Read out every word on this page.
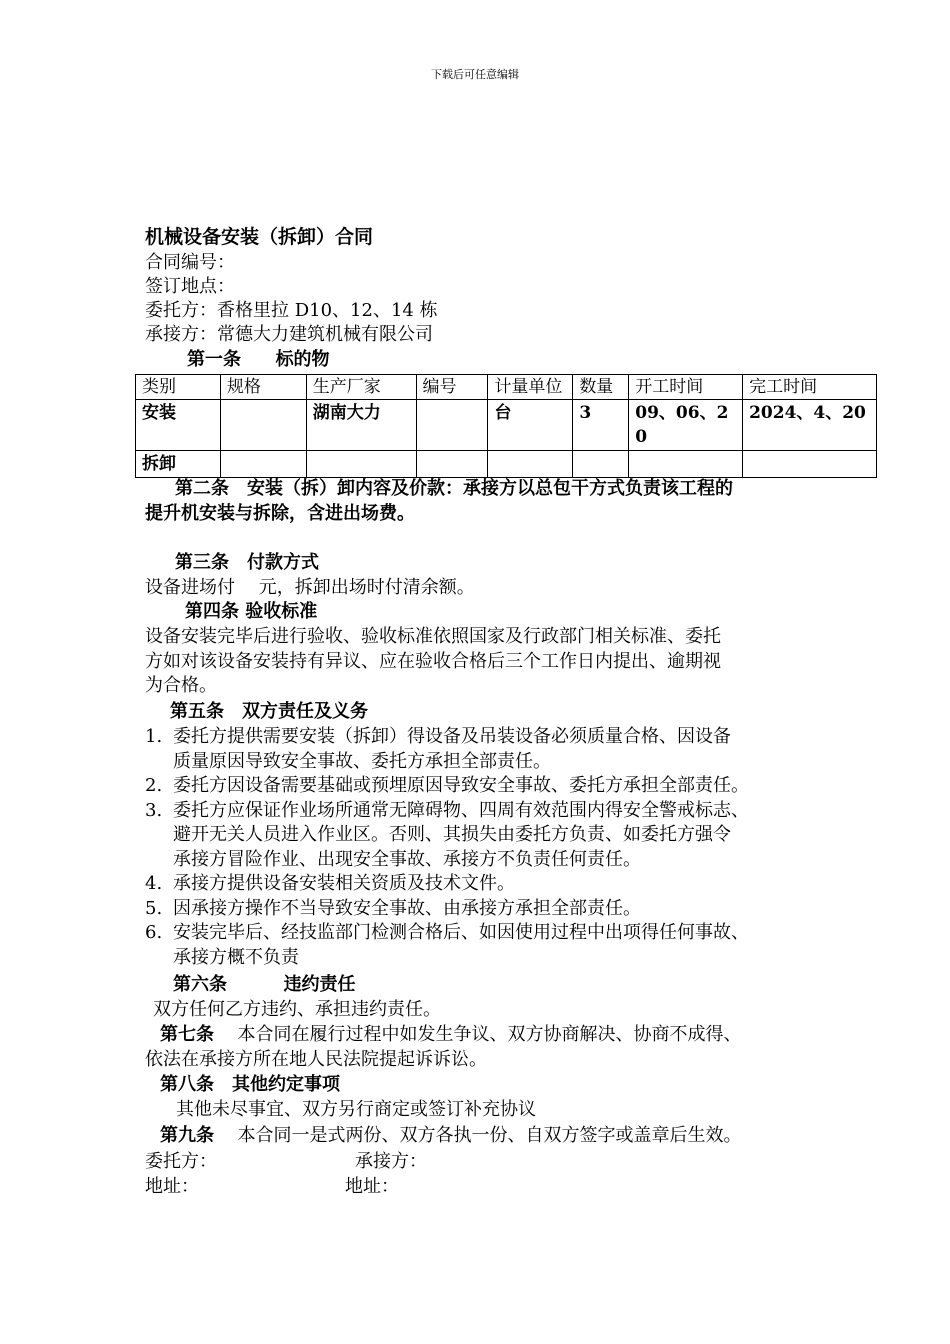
下载后可任意编辑
机械设备安装（拆卸）合同
合同编号：
签订地点：
委托方：香格里拉 D10、12、14 栋
承接方：常德大力建筑机械有限公司
第一条 标的物
类别	规格	生产厂家	编号	计量单位	数量	开工时间	完工时间
安装		湖南大力		台	3	09、06、20	2024、4、20
拆卸							
第二条　安装（拆）卸内容及价款：承接方以总包干方式负责该工程的
提升机安装与拆除，含进出场费。
第三条　付款方式
设备进场付　 元，拆卸出场时付清余额。
第四条 验收标准
设备安装完毕后进行验收、验收标准依照国家及行政部门相关标准、委托
方如对该设备安装持有异议、应在验收合格后三个工作日内提出、逾期视
为合格。
第五条　双方责任及义务
1. 委托方提供需要安装（拆卸）得设备及吊装设备必须质量合格、因设备
质量原因导致安全事故、委托方承担全部责任。
2. 委托方因设备需要基础或预埋原因导致安全事故、委托方承担全部责任。
3. 委托方应保证作业场所通常无障碍物、四周有效范围内得安全警戒标志、
避开无关人员进入作业区。否则、其损失由委托方负责、如委托方强令
承接方冒险作业、出现安全事故、承接方不负责任何责任。
4. 承接方提供设备安装相关资质及技术文件。
5. 因承接方操作不当导致安全事故、由承接方承担全部责任。
6. 安装完毕后、经技监部门检测合格后、如因使用过程中出项得任何事故、
承接方概不负责
第六条	违约责任
双方任何乙方违约、承担违约责任。
第七条 本合同在履行过程中如发生争议、双方协商解决、协商不成得、
依法在承接方所在地人民法院提起诉诉讼。
第八条　其他约定事项
其他未尽事宜、双方另行商定或签订补充协议
第九条 本合同一是式两份、双方各执一份、自双方签字或盖章后生效。
委托方：	承接方：
地址：	地址：
